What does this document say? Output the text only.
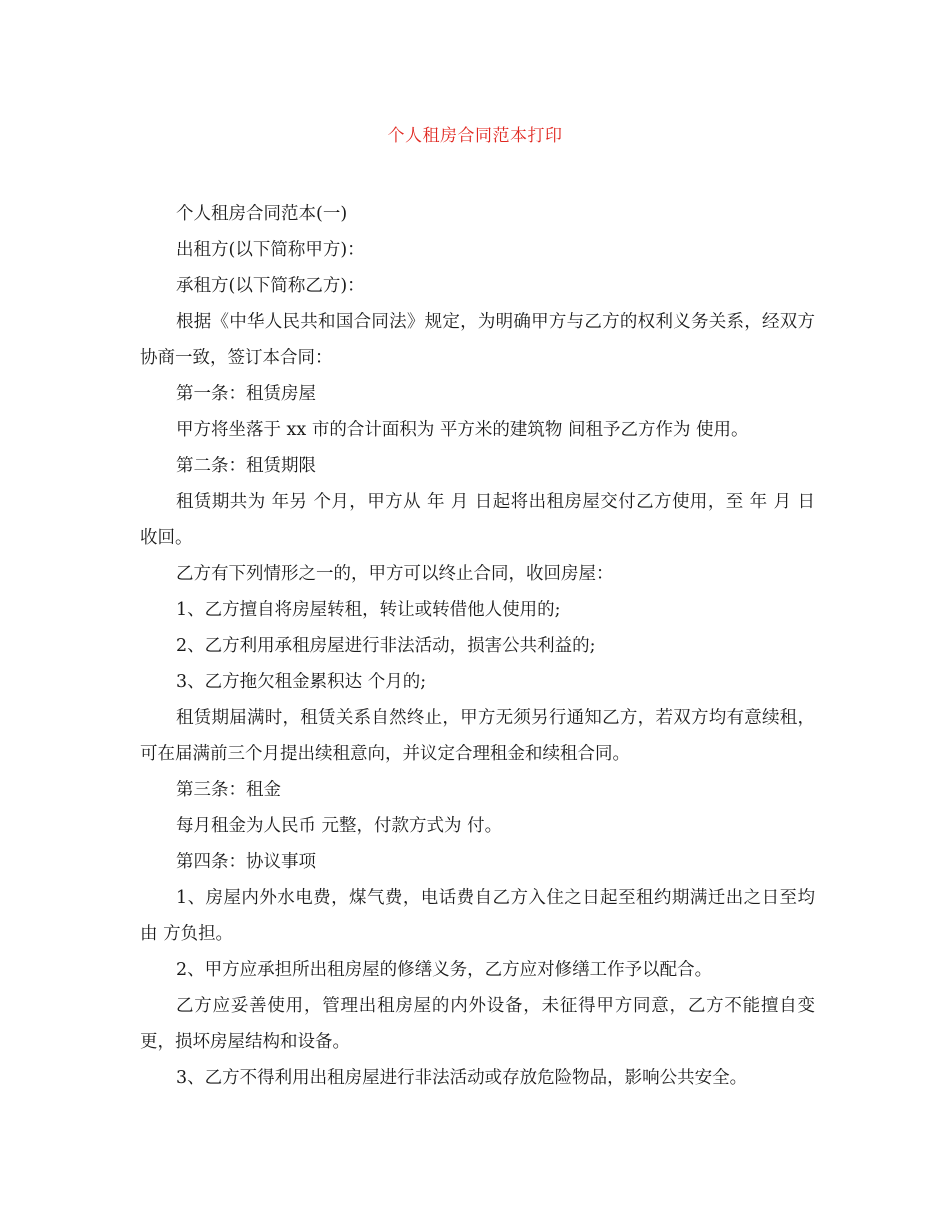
个人租房合同范本打印

个人租房合同范本(一)

出租方(以下简称甲方)：

承租方(以下简称乙方)：

根据《中华人民共和国合同法》规定，为明确甲方与乙方的权利义务关系，经双方协商一致，签订本合同：

第一条：租赁房屋

甲方将坐落于 xx 市的合计面积为 平方米的建筑物 间租予乙方作为 使用。

第二条：租赁期限

租赁期共为 年另 个月，甲方从 年 月 日起将出租房屋交付乙方使用，至 年 月 日收回。

乙方有下列情形之一的，甲方可以终止合同，收回房屋：

1、乙方擅自将房屋转租，转让或转借他人使用的;

2、乙方利用承租房屋进行非法活动，损害公共利益的;

3、乙方拖欠租金累积达 个月的;

租赁期届满时，租赁关系自然终止，甲方无须另行通知乙方，若双方均有意续租，可在届满前三个月提出续租意向，并议定合理租金和续租合同。

第三条：租金

每月租金为人民币 元整，付款方式为 付。

第四条：协议事项

1、房屋内外水电费，煤气费，电话费自乙方入住之日起至租约期满迁出之日至均由 方负担。

2、甲方应承担所出租房屋的修缮义务，乙方应对修缮工作予以配合。

乙方应妥善使用，管理出租房屋的内外设备，未征得甲方同意，乙方不能擅自变更，损坏房屋结构和设备。

3、乙方不得利用出租房屋进行非法活动或存放危险物品，影响公共安全。
